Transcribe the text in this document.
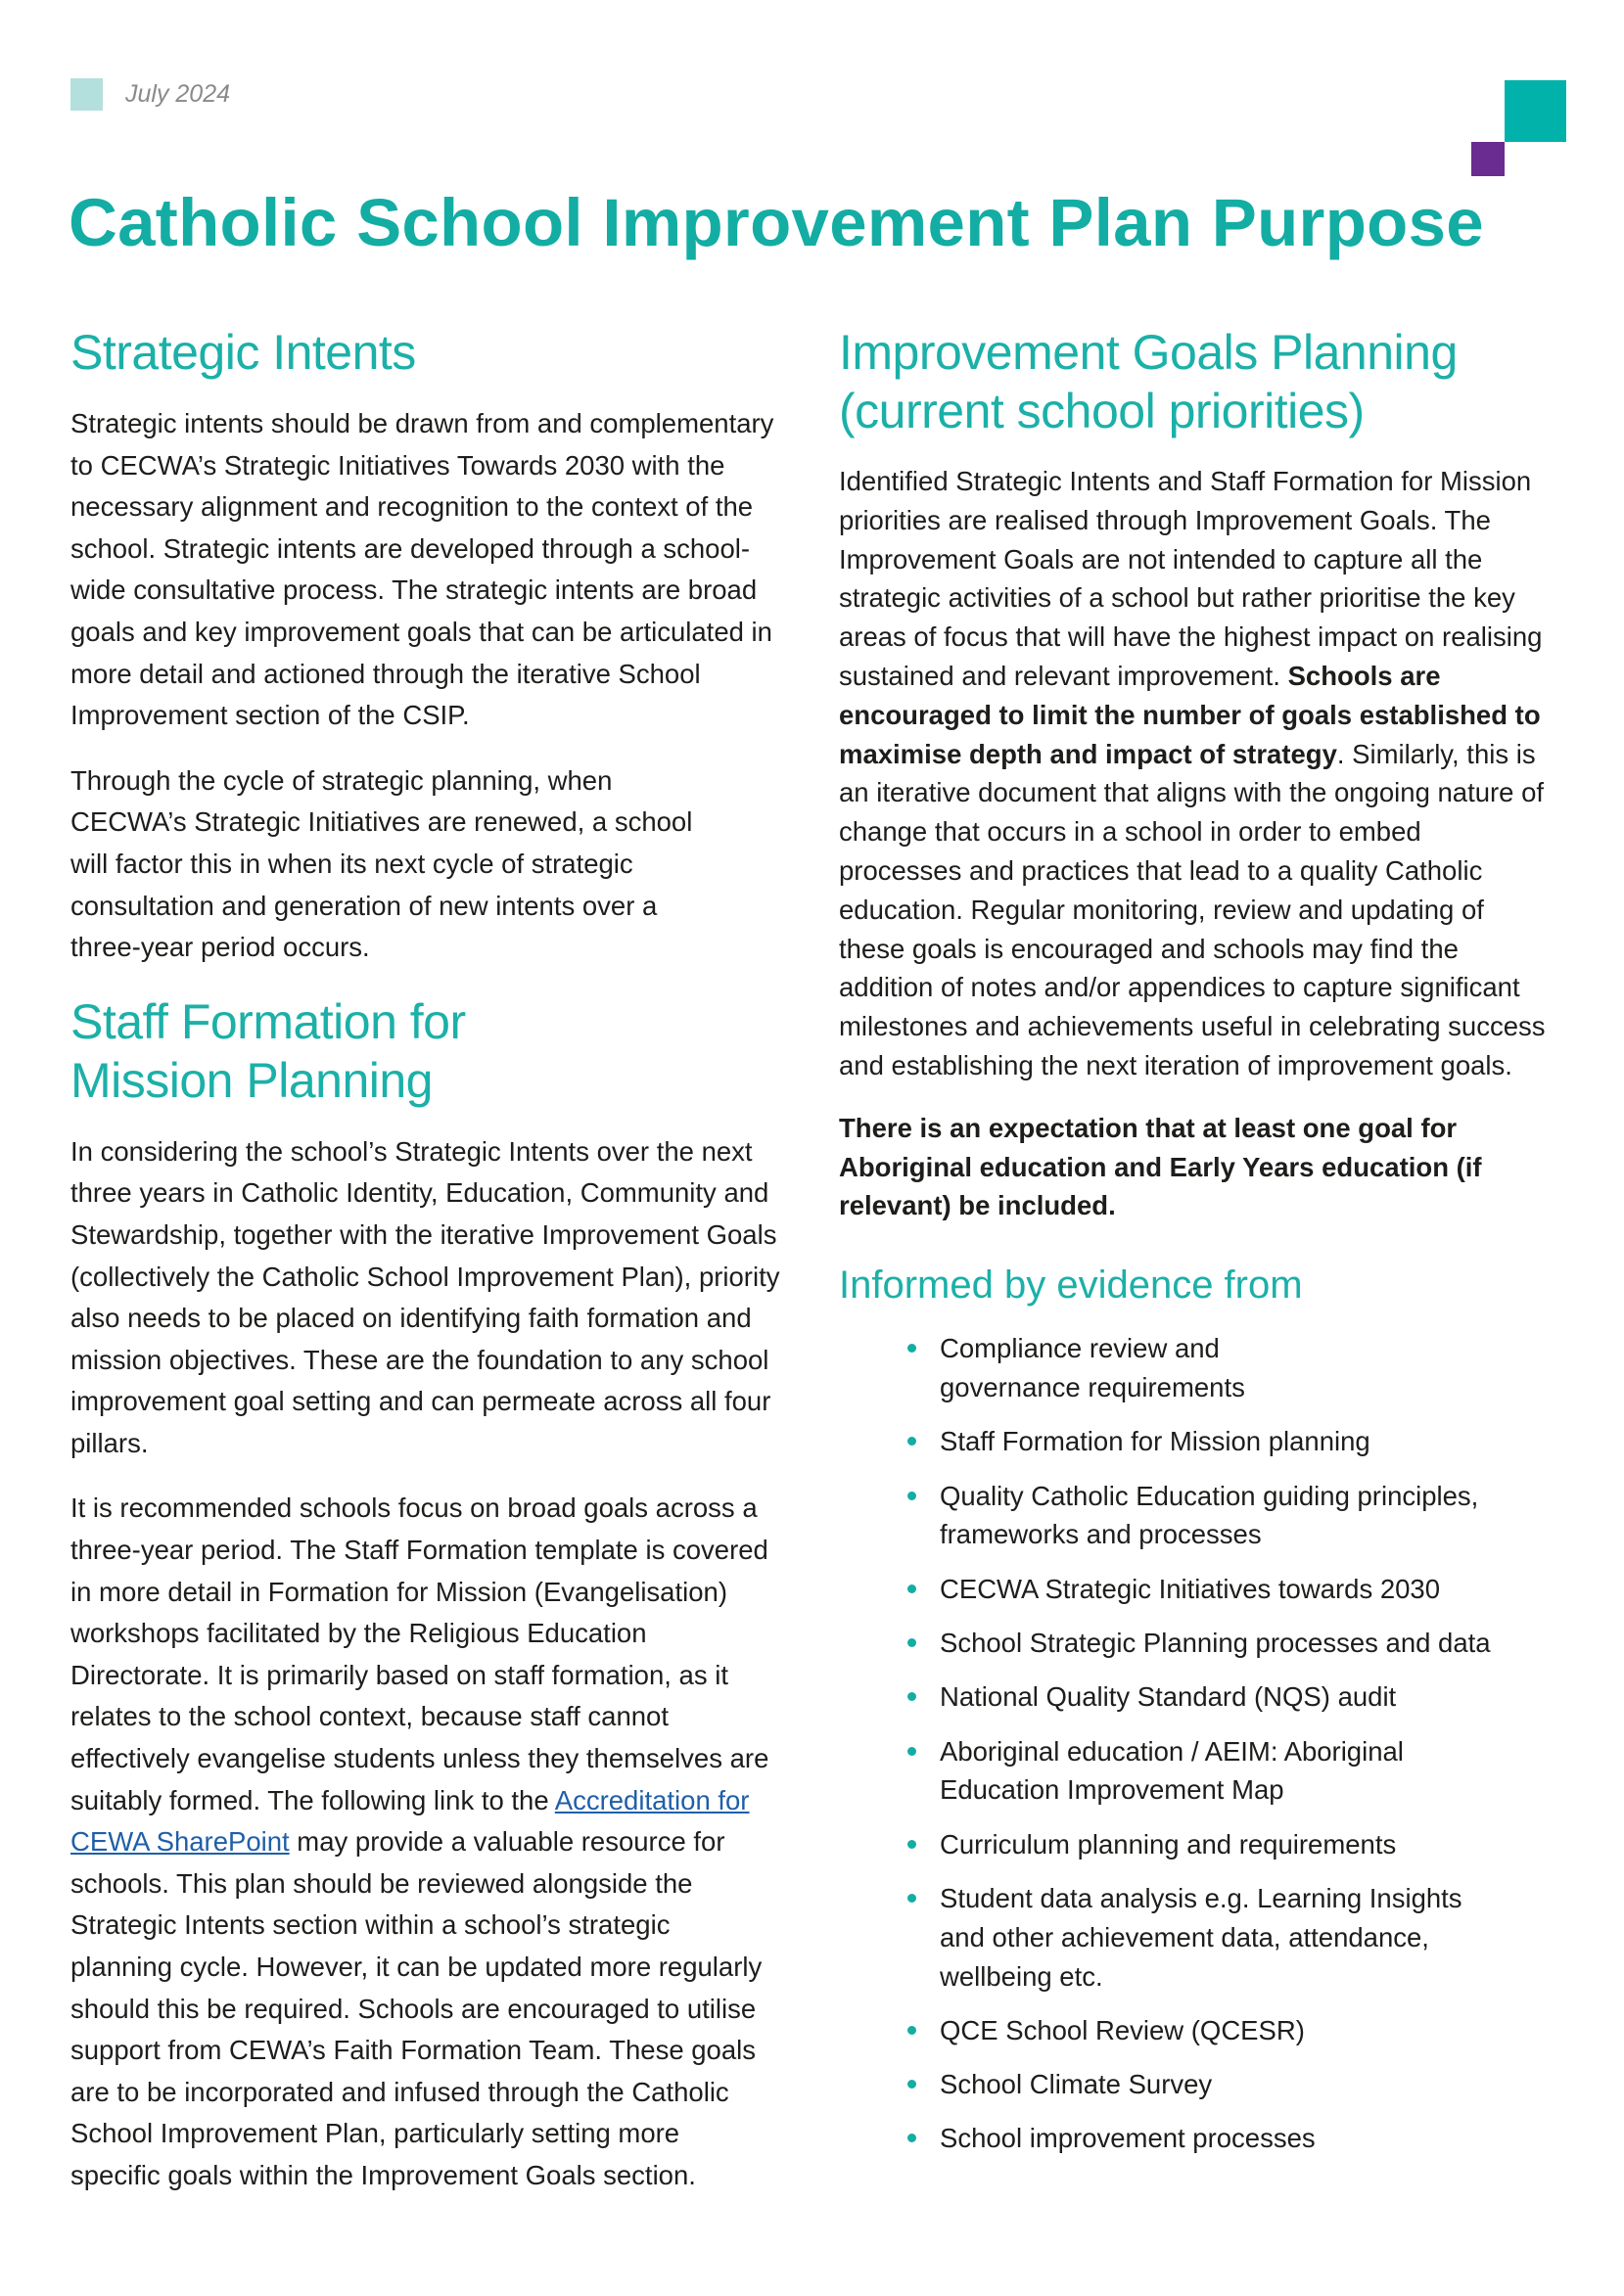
July 2024
Catholic School Improvement Plan Purpose
Strategic Intents

Strategic intents should be drawn from and complementary to CECWA’s Strategic Initiatives Towards 2030 with the necessary alignment and recognition to the context of the school. Strategic intents are developed through a school-wide consultative process. The strategic intents are broad goals and key improvement goals that can be articulated in more detail and actioned through the iterative School Improvement section of the CSIP.

Through the cycle of strategic planning, when CECWA’s Strategic Initiatives are renewed, a school will factor this in when its next cycle of strategic consultation and generation of new intents over a three-year period occurs.

Staff Formation for Mission Planning

In considering the school’s Strategic Intents over the next three years in Catholic Identity, Education, Community and Stewardship, together with the iterative Improvement Goals (collectively the Catholic School Improvement Plan), priority also needs to be placed on identifying faith formation and mission objectives. These are the foundation to any school improvement goal setting and can permeate across all four pillars.

It is recommended schools focus on broad goals across a three-year period. The Staff Formation template is covered in more detail in Formation for Mission (Evangelisation) workshops facilitated by the Religious Education Directorate. It is primarily based on staff formation, as it relates to the school context, because staff cannot effectively evangelise students unless they themselves are suitably formed. The following link to the Accreditation for CEWA SharePoint may provide a valuable resource for schools. This plan should be reviewed alongside the Strategic Intents section within a school’s strategic planning cycle. However, it can be updated more regularly should this be required. Schools are encouraged to utilise support from CEWA’s Faith Formation Team. These goals are to be incorporated and infused through the Catholic School Improvement Plan, particularly setting more specific goals within the Improvement Goals section.

Improvement Goals Planning (current school priorities)

Identified Strategic Intents and Staff Formation for Mission priorities are realised through Improvement Goals. The Improvement Goals are not intended to capture all the strategic activities of a school but rather prioritise the key areas of focus that will have the highest impact on realising sustained and relevant improvement. Schools are encouraged to limit the number of goals established to maximise depth and impact of strategy. Similarly, this is an iterative document that aligns with the ongoing nature of change that occurs in a school in order to embed processes and practices that lead to a quality Catholic education. Regular monitoring, review and updating of these goals is encouraged and schools may find the addition of notes and/or appendices to capture significant milestones and achievements useful in celebrating success and establishing the next iteration of improvement goals.

There is an expectation that at least one goal for Aboriginal education and Early Years education (if relevant) be included.

Informed by evidence from
Compliance review and governance requirements
Staff Formation for Mission planning
Quality Catholic Education guiding principles, frameworks and processes
CECWA Strategic Initiatives towards 2030
School Strategic Planning processes and data
National Quality Standard (NQS) audit
Aboriginal education / AEIM: Aboriginal Education Improvement Map
Curriculum planning and requirements
Student data analysis e.g. Learning Insights and other achievement data, attendance, wellbeing etc.
QCE School Review (QCESR)
School Climate Survey
School improvement processes
